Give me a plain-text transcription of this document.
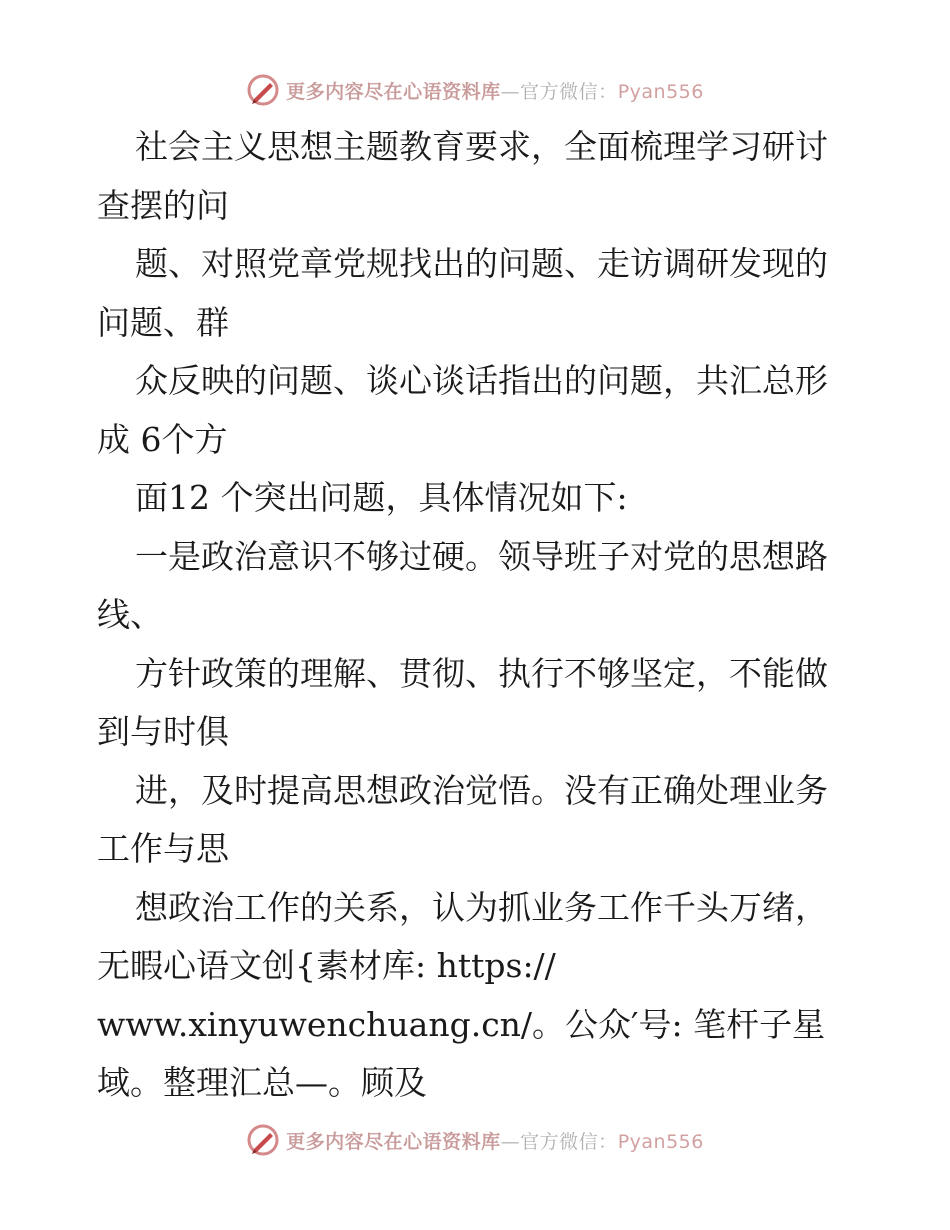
更多内容尽在心语资料库—官方微信：Pyan556
社会主义思想主题教育要求，全面梳理学习研讨
查摆的问
题、对照党章党规找出的问题、走访调研发现的
问题、群
众反映的问题、谈心谈话指出的问题，共汇总形
成 6个方
面12 个突出问题，具体情况如下:
一是政治意识不够过硬。领导班子对党的思想路
线、
方针政策的理解、贯彻、执行不够坚定，不能做
到与时俱
进，及时提高思想政治觉悟。没有正确处理业务
工作与思
想政治工作的关系，认为抓业务工作千头万绪，
无暇心语文创{素材库: https://
www.xinyuwenchuang.cn/。公众′号: 笔杆子星
域。整理汇总—。顾及
更多内容尽在心语资料库—官方微信：Pyan556
